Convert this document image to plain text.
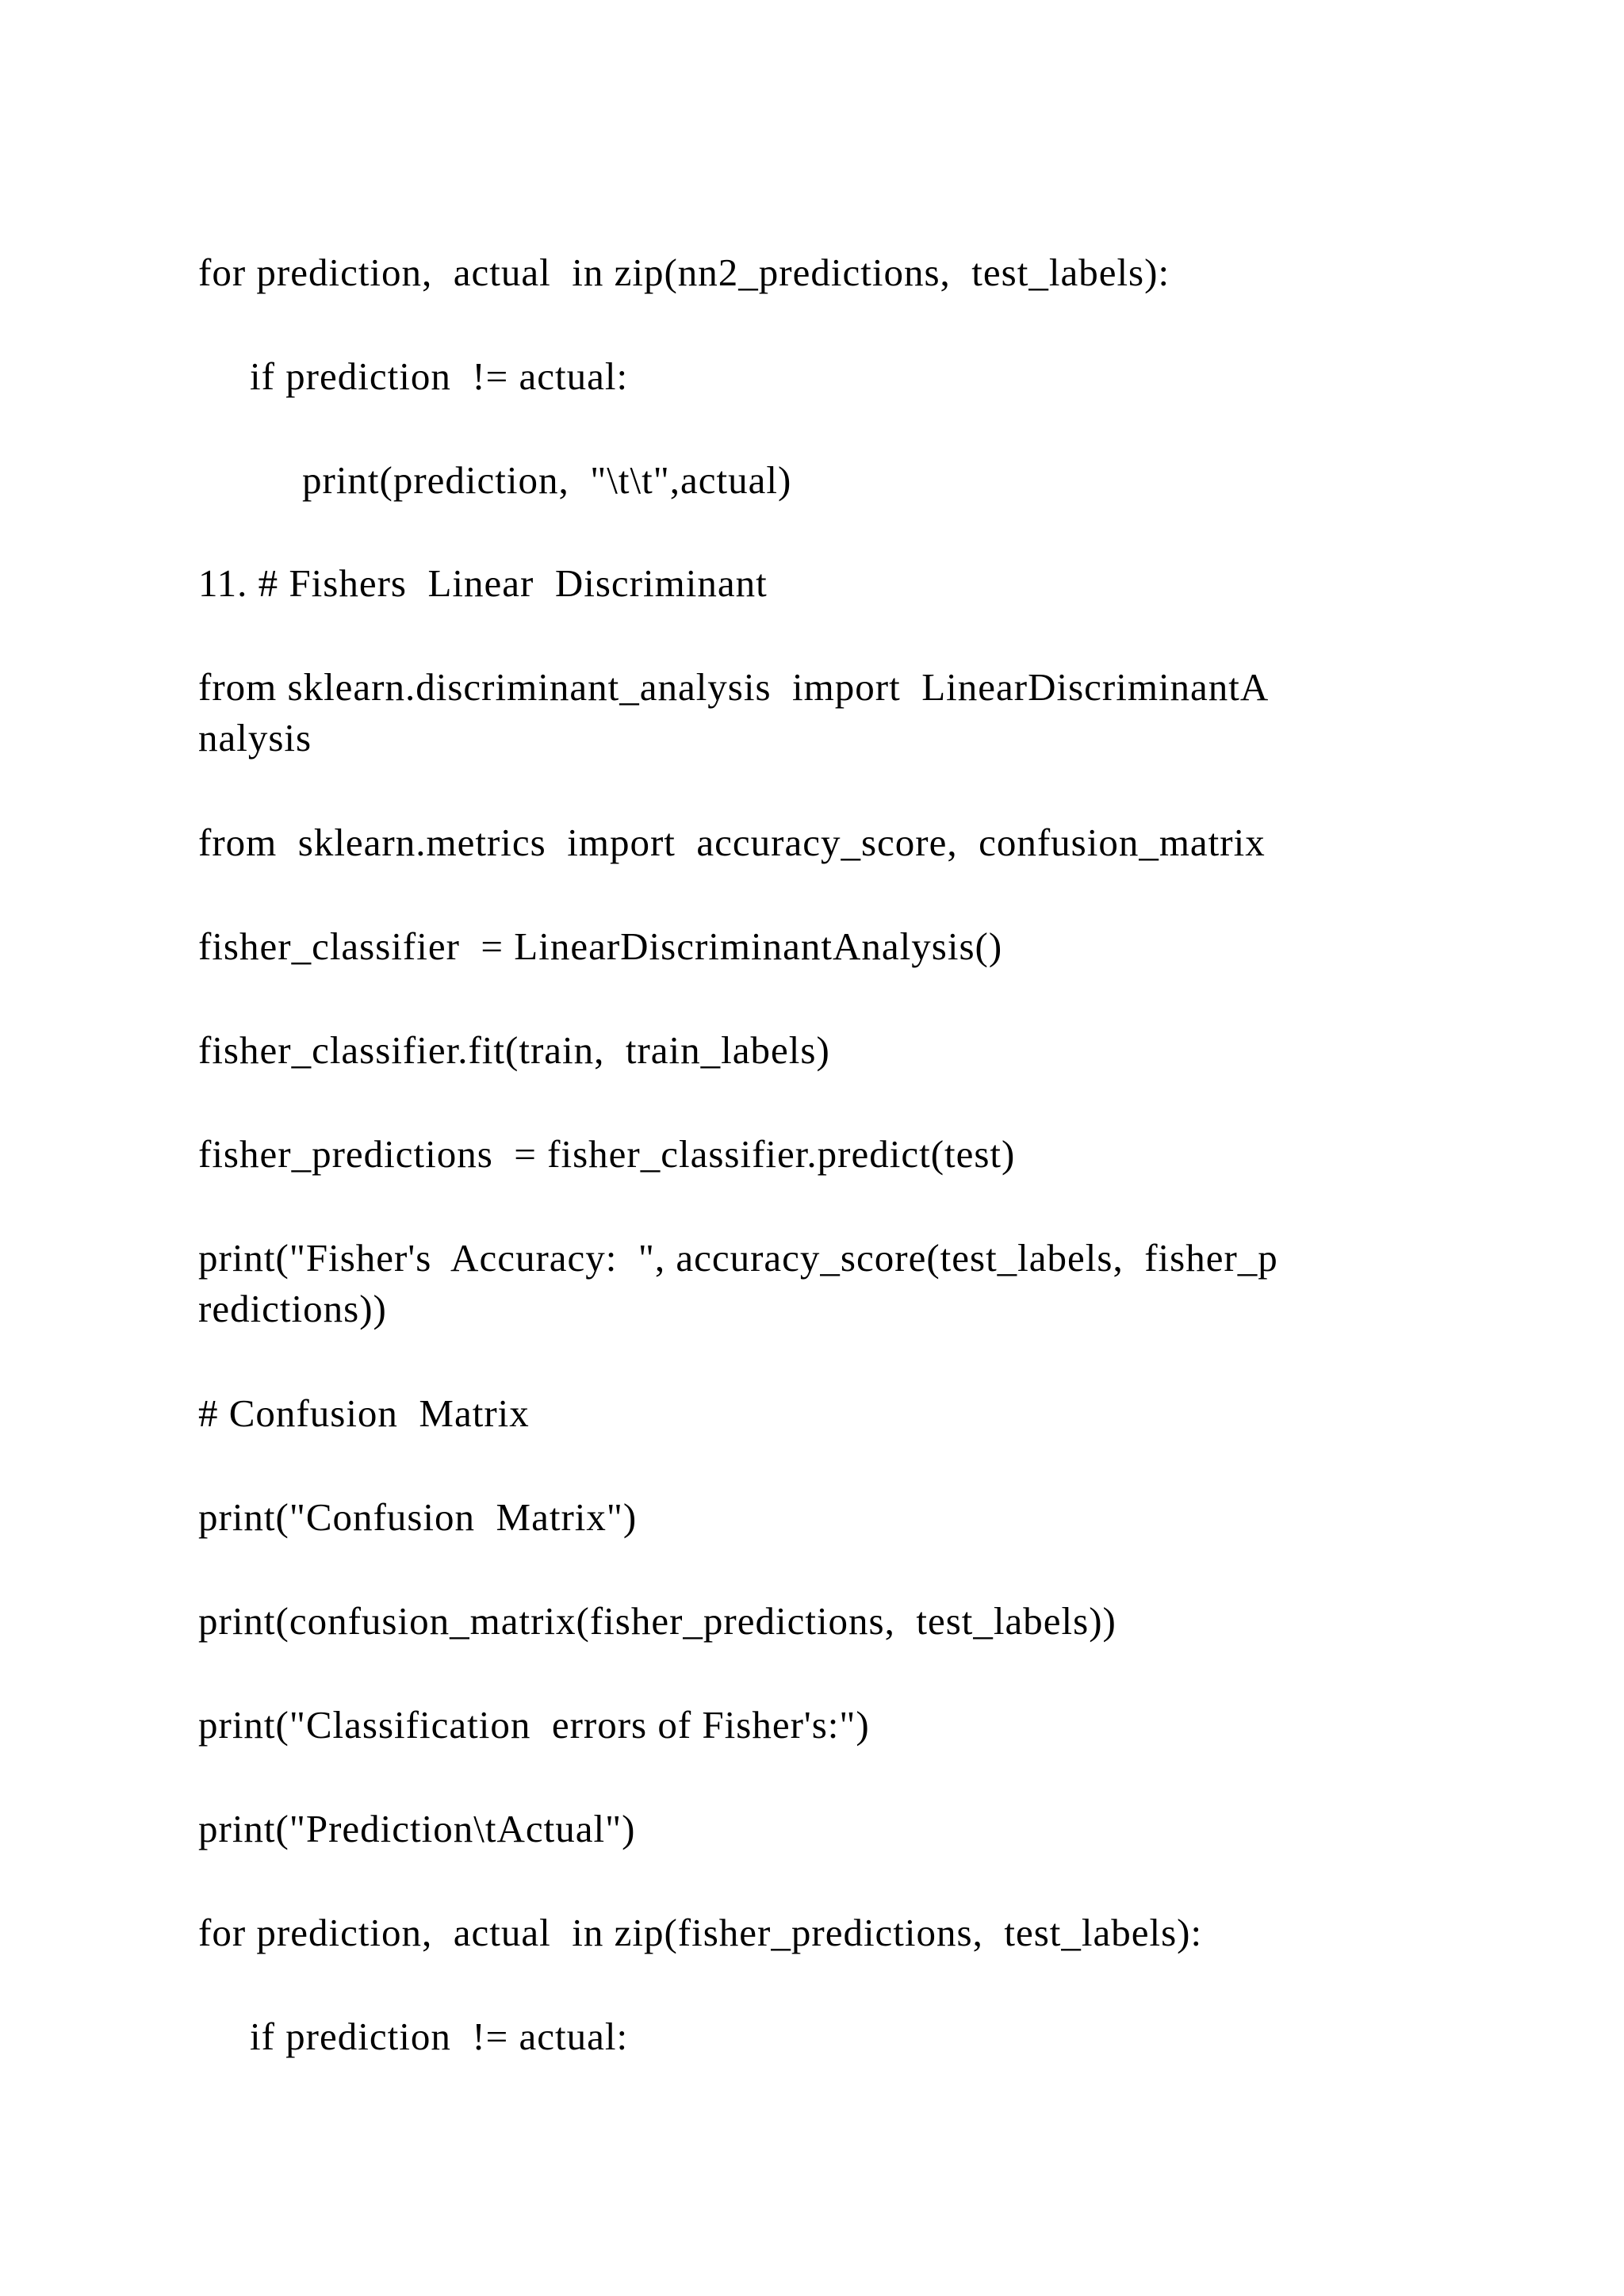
for prediction,  actual  in zip(nn2_predictions,  test_labels):

if prediction  != actual:

print(prediction,  "\t\t",actual)

11. # Fishers  Linear  Discriminant

from sklearn.discriminant_analysis  import  LinearDiscriminantA
nalysis

from  sklearn.metrics  import  accuracy_score,  confusion_matrix

fisher_classifier  = LinearDiscriminantAnalysis()

fisher_classifier.fit(train,  train_labels)

fisher_predictions  = fisher_classifier.predict(test)

print("Fisher's  Accuracy:  ", accuracy_score(test_labels,  fisher_p
redictions))

# Confusion  Matrix

print("Confusion  Matrix")

print(confusion_matrix(fisher_predictions,  test_labels))

print("Classification  errors of Fisher's:")

print("Prediction\tActual")

for prediction,  actual  in zip(fisher_predictions,  test_labels):

if prediction  != actual:
